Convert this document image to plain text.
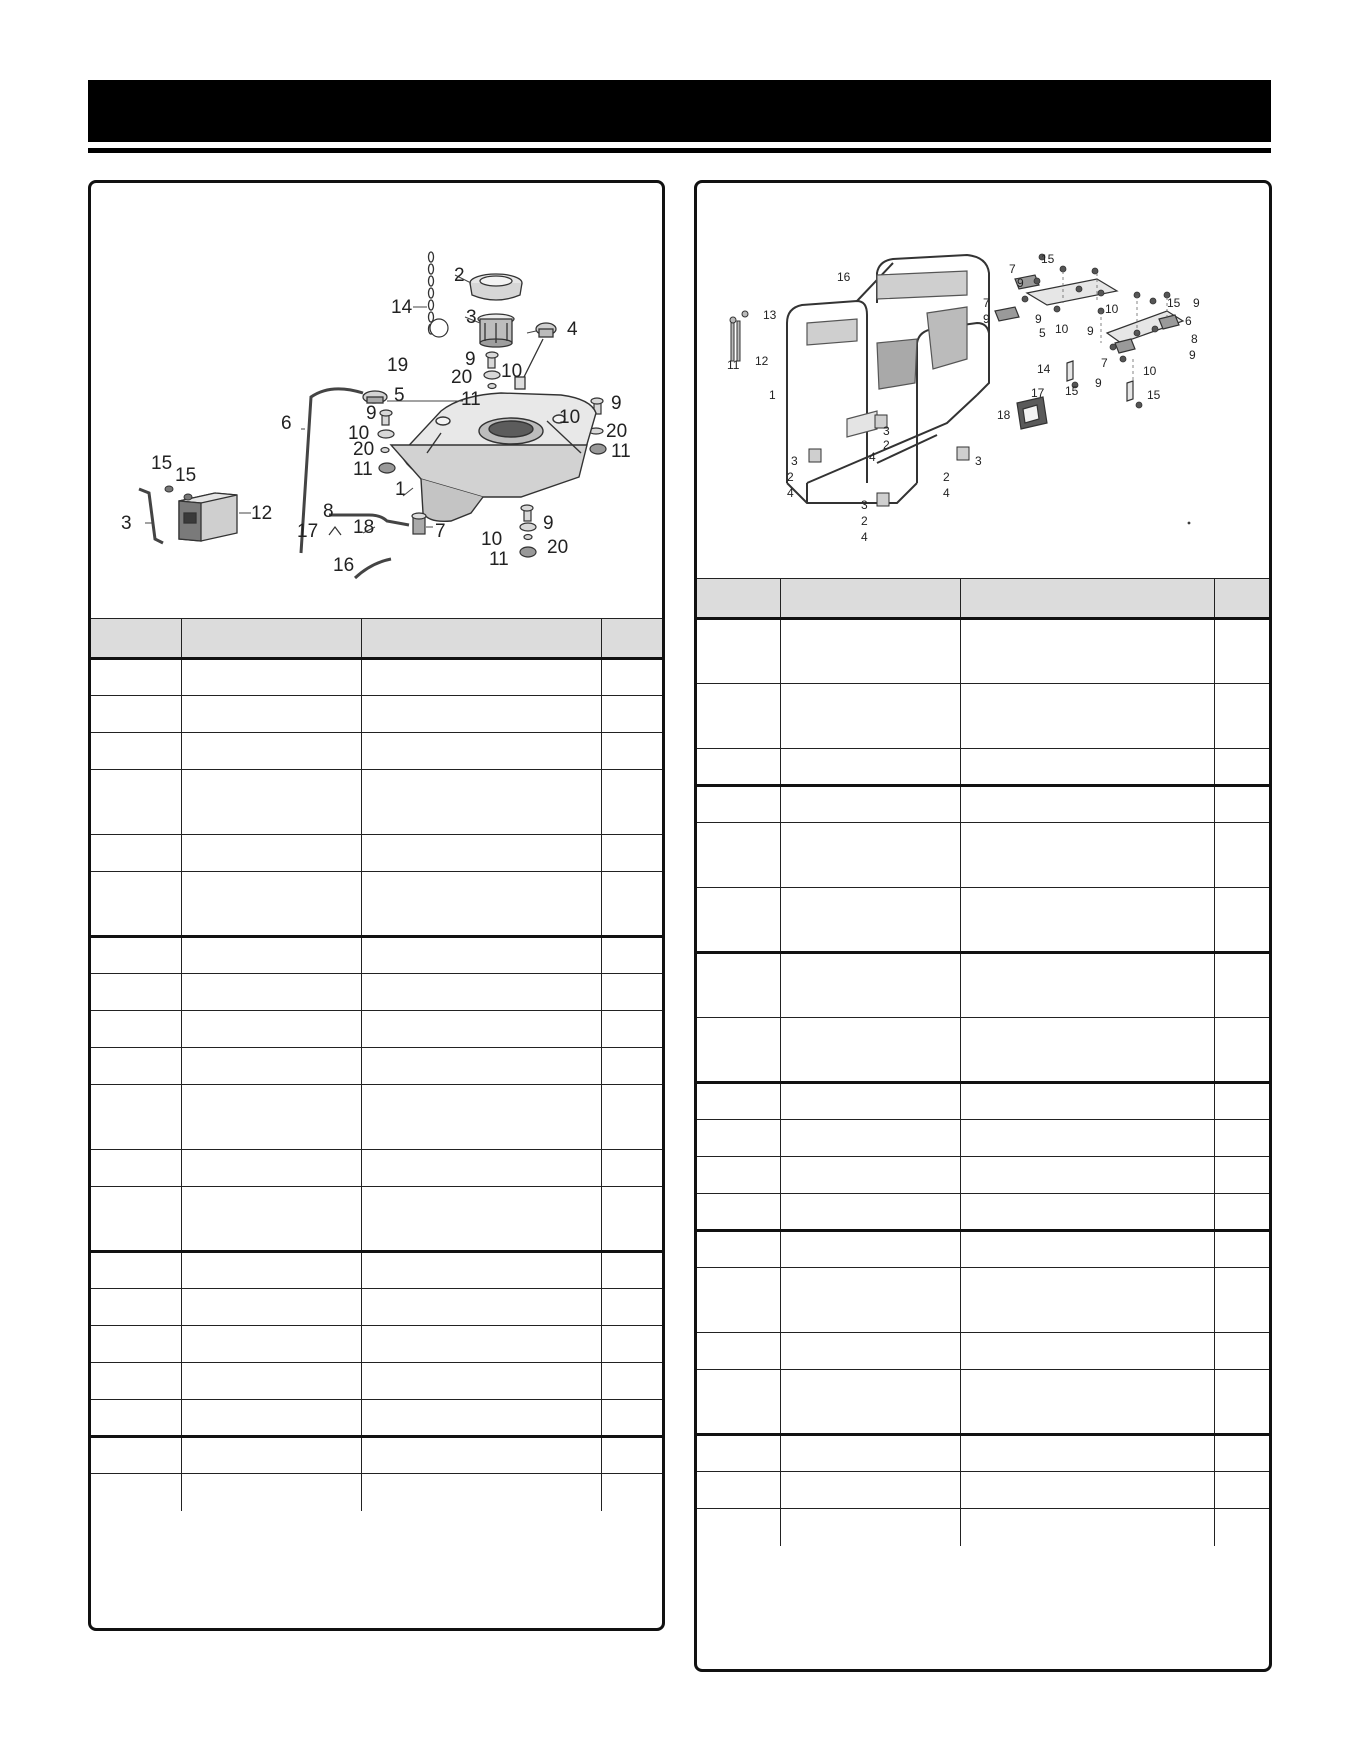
2
14	3
4
19	9
20 10
11
5
9
6	10
20
11
1
10
9
20
11
15
15
3	12	8
17 18	7 10
9
20
11
16

16
13
11 12
1
3
2
4
3
2
4
3
2
4
3
2
4
15
7
9
7
9	9
5 10
10
9
15 9
6
8
9
7
9
10
14
15	15
17
18
